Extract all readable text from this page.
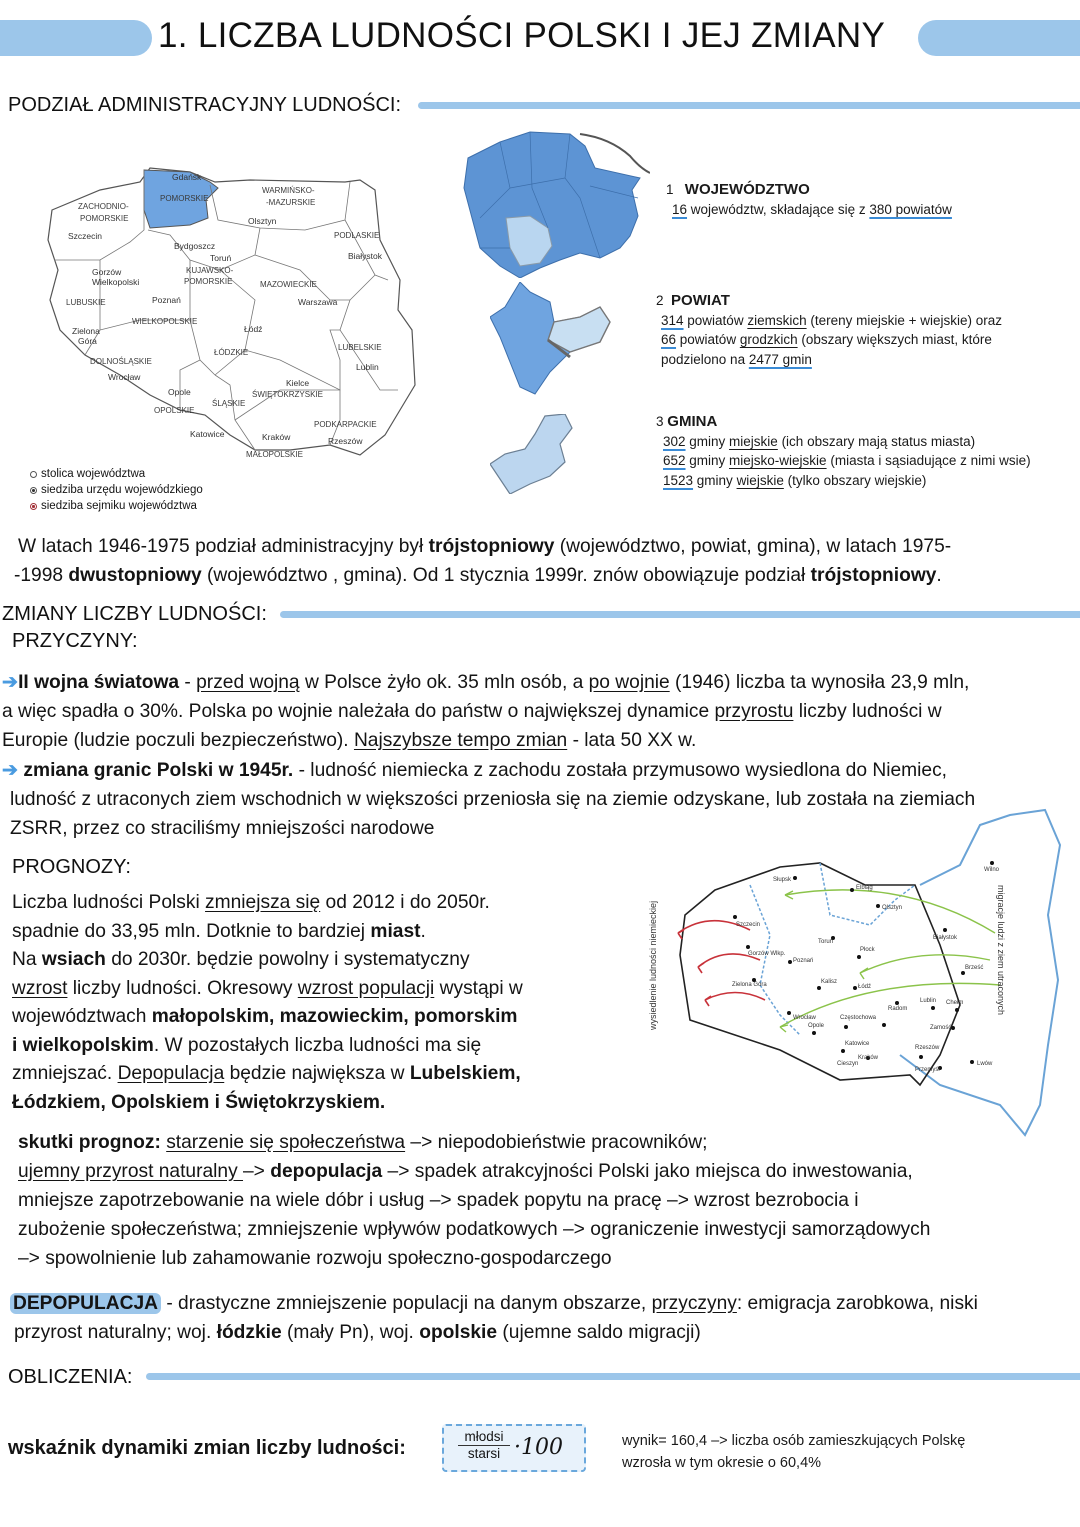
1. LICZBA LUDNOŚCI POLSKI I JEJ ZMIANY
PODZIAŁ ADMINISTRACYJNY LUDNOŚCI:
Gdańsk
POMORSKIE
WARMIŃSKO-
-MAZURSKIE
Olsztyn
ZACHODNIO-
POMORSKIE
Szczecin
Bydgoszcz
Toruń
KUJAWSKO-
POMORSKIE
PODLASKIE
Białystok
Gorzów
Wielkopolski	MAZOWIECKIE
Poznań	Warszawa
LUBUSKIE
WIELKOPOLSKIE
Zielona
Góra
Łódź
ŁÓDZKIE
LUBELSKIE
Lublin
DOLNOŚLĄSKIE
Wrocław
Opole
Kielce
ŚWIĘTOKRZYSKIE
ŚLĄSKIE
OPOLSKIE
Katowice
PODKARPACKIE
Kraków	Rzeszów
MAŁOPOLSKIE
stolica województwa
siedziba urzędu wojewódzkiego
siedziba sejmiku województwa
1 WOJEWÓDZTWO
16 województw, składające się z 380 powiatów
2 POWIAT
314 powiatów ziemskich (tereny miejskie + wiejskie) oraz
66 powiatów grodzkich (obszary większych miast, które
podzielono na 2477 gmin
3 GMINA
302 gminy miejskie (ich obszary mają status miasta)
652 gminy miejsko-wiejskie (miasta i sąsiadujące z nimi wsie)
1523 gminy wiejskie (tylko obszary wiejskie)
W latach 1946-1975 podział administracyjny był trójstopniowy (województwo, powiat, gmina), w latach 1975-
-1998 dwustopniowy (województwo , gmina). Od 1 stycznia 1999r. znów obowiązuje podział trójstopniowy.
ZMIANY LICZBY LUDNOŚCI:
PRZYCZYNY:
➔II wojna światowa - przed wojną w Polsce żyło ok. 35 mln osób, a po wojnie (1946) liczba ta wynosiła 23,9 mln,
a więc spadła o 30%. Polska po wojnie należała do państw o największej dynamice przyrostu liczby ludności w
Europie (ludzie poczuli bezpieczeństwo). Najszybsze tempo zmian - lata 50 XX w.
➔ zmiana granic Polski w 1945r. - ludność niemiecka z zachodu została przymusowo wysiedlona do Niemiec,
ludność z utraconych ziem wschodnich w większości przeniosła się na ziemie odzyskane, lub została na ziemiach
ZSRR, przez co straciliśmy mniejszości narodowe
PROGNOZY:
Liczba ludności Polski zmniejsza się od 2012 i do 2050r.
spadnie do 33,95 mln. Dotknie to bardziej miast.
Na wsiach do 2030r. będzie powolny i systematyczny
wzrost liczby ludności. Okresowy wzrost populacji wystąpi w
województwach małopolskim, mazowieckim, pomorskim
i wielkopolskim. W pozostałych liczba ludności ma się
zmniejszać. Depopulacja będzie największa w Lubelskiem,
Łódzkiem, Opolskiem i Świętokrzyskiem.
Słupsk
Elbląg
Olsztyn
Szczecin
Toruń
Białystok
Gorzów Wlkp.
Poznań
Płock
Brześć
Zielona Góra	Kalisz
Łódź
Radom
Lublin Chełm
Wrocław
Opole
Częstochowa
Zamość
Katowice
Kraków
Rzeszów
Cieszyn
Przemyśl
Lwów
Wilno
wysiedlenie ludności niemieckiej	migracje ludzi z ziem utraconych
skutki prognoz: starzenie się społeczeństwa –> niepodobieństwie pracowników;
ujemny przyrost naturalny –> depopulacja –> spadek atrakcyjności Polski jako miejsca do inwestowania,
mniejsze zapotrzebowanie na wiele dóbr i usług –> spadek popytu na pracę –> wzrost bezrobocia i
zubożenie społeczeństwa; zmniejszenie wpływów podatkowych –> ograniczenie inwestycji samorządowych
–> spowolnienie lub zahamowanie rozwoju społeczno-gospodarczego
DEPOPULACJA - drastyczne zmniejszenie populacji na danym obszarze, przyczyny: emigracja zarobkowa, niski
przyrost naturalny; woj. łódzkie (mały Pn), woj. opolskie (ujemne saldo migracji)
OBLICZENIA:
wskaźnik dynamiki zmian liczby ludności:
młodsi
starsi ·100	wynik= 160,4 –> liczba osób zamieszkujących Polskę
wzrosła w tym okresie o 60,4%
